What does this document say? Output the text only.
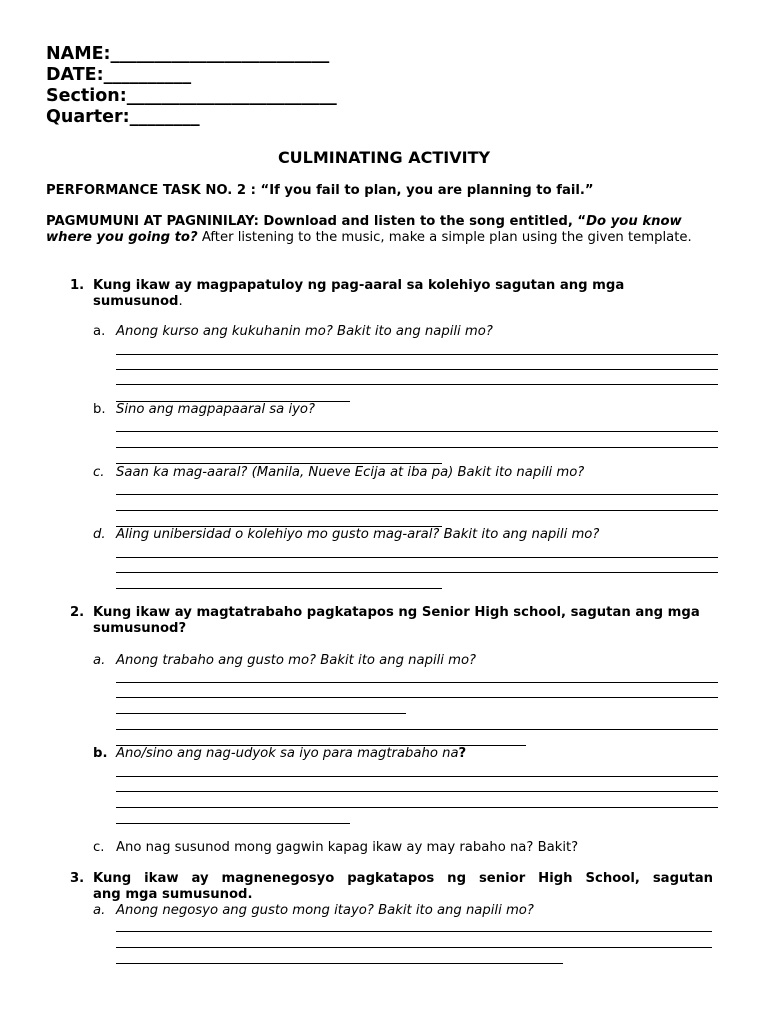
NAME:_________________________
DATE:__________
Section:________________________
Quarter:________
CULMINATING ACTIVITY
PERFORMANCE TASK NO. 2 : “If you fail to plan, you are planning to fail.”
PAGMUMUNI AT PAGNINILAY: Download and listen to the song entitled, “Do you know where you going to? After listening to the music, make a simple plan using the given template.
1. Kung ikaw ay magpapatuloy ng pag-aaral sa kolehiyo sagutan ang mga sumusunod.
a. Anong kurso ang kukuhanin mo? Bakit ito ang napili mo?
b. Sino ang magpapaaral sa iyo?
c. Saan ka mag-aaral? (Manila, Nueve Ecija at iba pa) Bakit ito napili mo?
d. Aling unibersidad o kolehiyo mo gusto mag-aral? Bakit ito ang napili mo?
2. Kung ikaw ay magtatrabaho pagkatapos ng Senior High school, sagutan ang mga sumusunod?
a. Anong trabaho ang gusto mo? Bakit ito ang napili mo?
b. Ano/sino ang nag-udyok sa iyo para magtrabaho na?
c. Ano nag susunod mong gagwin kapag ikaw ay may rabaho na? Bakit?
3. Kung ikaw ay magnenegosyo pagkatapos ng senior High School, sagutan
ang mga sumusunod.
a. Anong negosyo ang gusto mong itayo? Bakit ito ang napili mo?
